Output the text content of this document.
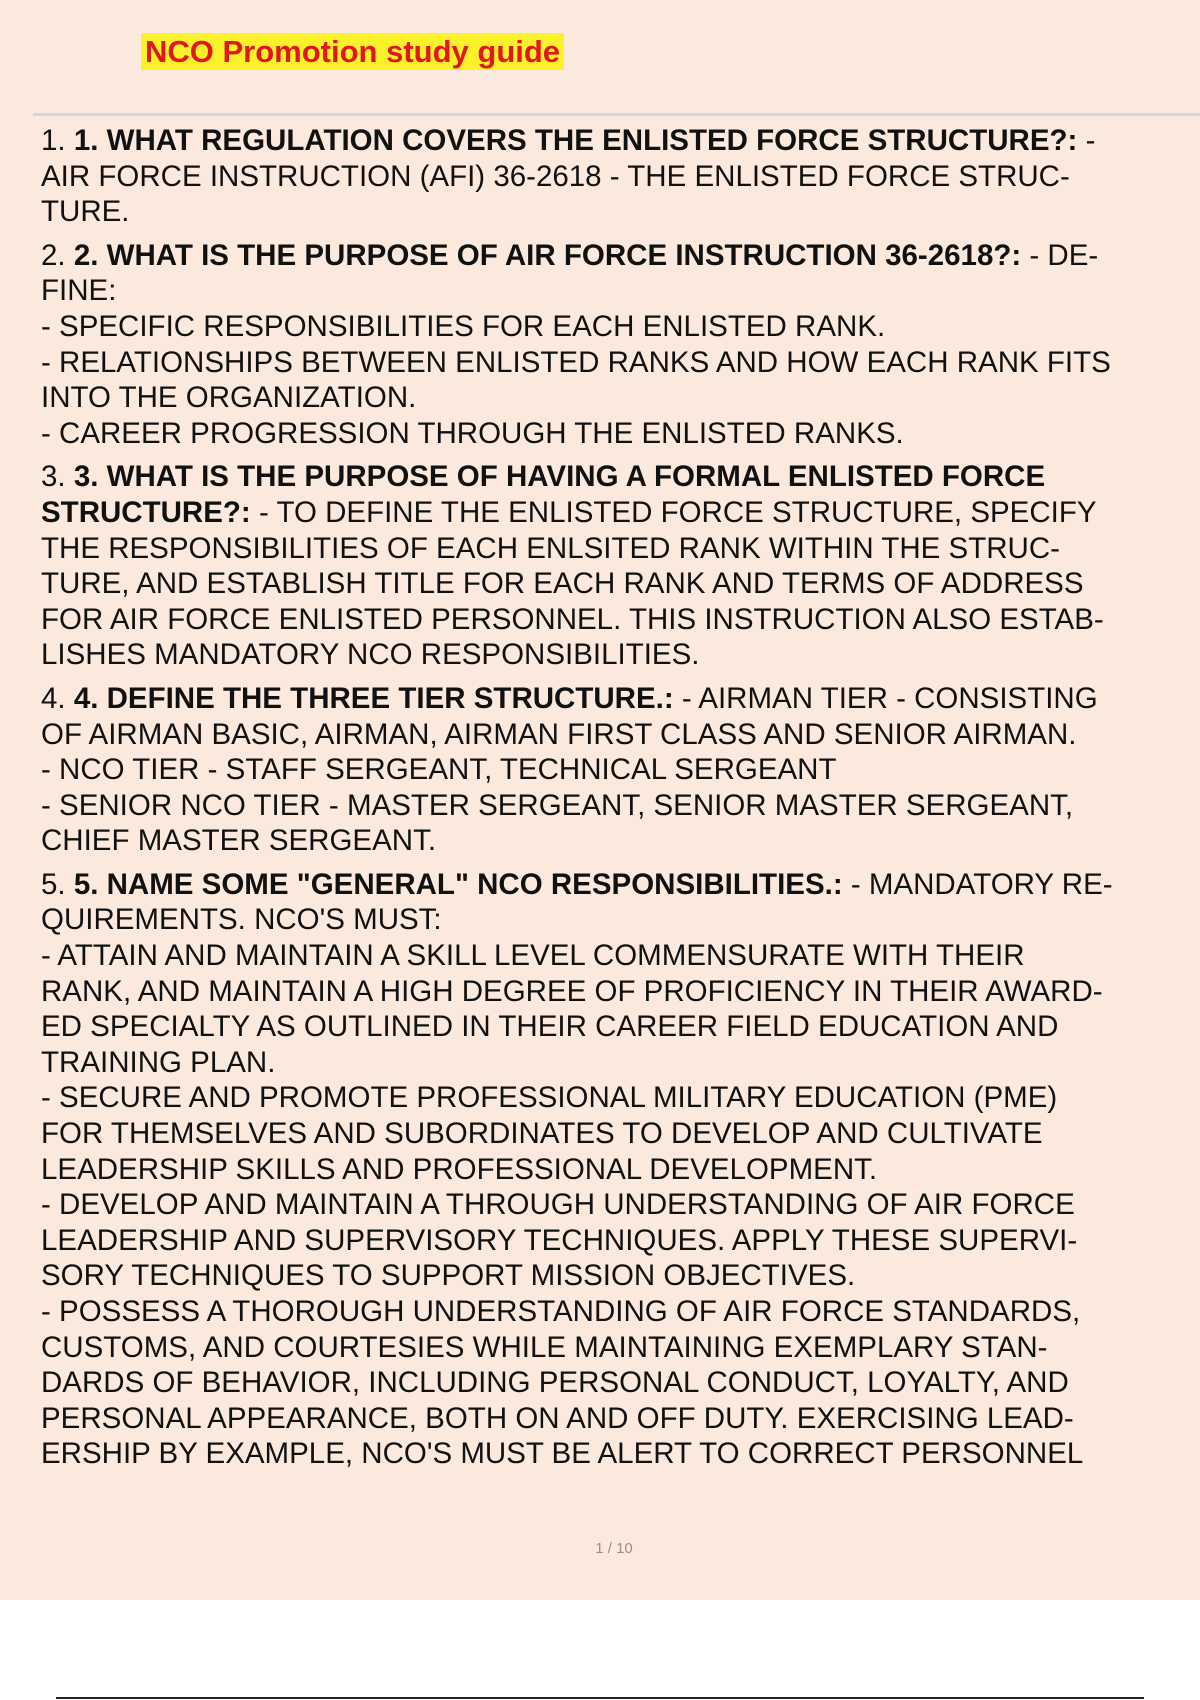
NCO Promotion study guide
1. 1. WHAT REGULATION COVERS THE ENLISTED FORCE STRUCTURE?: -
AIR FORCE INSTRUCTION (AFI) 36-2618 - THE ENLISTED FORCE STRUC-
TURE.
2. 2. WHAT IS THE PURPOSE OF AIR FORCE INSTRUCTION 36-2618?: - DE-
FINE:
- SPECIFIC RESPONSIBILITIES FOR EACH ENLISTED RANK.
- RELATIONSHIPS BETWEEN ENLISTED RANKS AND HOW EACH RANK FITS
INTO THE ORGANIZATION.
- CAREER PROGRESSION THROUGH THE ENLISTED RANKS.
3. 3. WHAT IS THE PURPOSE OF HAVING A FORMAL ENLISTED FORCE
STRUCTURE?: - TO DEFINE THE ENLISTED FORCE STRUCTURE, SPECIFY
THE RESPONSIBILITIES OF EACH ENLSITED RANK WITHIN THE STRUC-
TURE, AND ESTABLISH TITLE FOR EACH RANK AND TERMS OF ADDRESS
FOR AIR FORCE ENLISTED PERSONNEL. THIS INSTRUCTION ALSO ESTAB-
LISHES MANDATORY NCO RESPONSIBILITIES.
4. 4. DEFINE THE THREE TIER STRUCTURE.: - AIRMAN TIER - CONSISTING
OF AIRMAN BASIC, AIRMAN, AIRMAN FIRST CLASS AND SENIOR AIRMAN.
- NCO TIER - STAFF SERGEANT, TECHNICAL SERGEANT
- SENIOR NCO TIER - MASTER SERGEANT, SENIOR MASTER SERGEANT,
CHIEF MASTER SERGEANT.
5. 5. NAME SOME "GENERAL" NCO RESPONSIBILITIES.: - MANDATORY RE-
QUIREMENTS. NCO'S MUST:
- ATTAIN AND MAINTAIN A SKILL LEVEL COMMENSURATE WITH THEIR
RANK, AND MAINTAIN A HIGH DEGREE OF PROFICIENCY IN THEIR AWARD-
ED SPECIALTY AS OUTLINED IN THEIR CAREER FIELD EDUCATION AND
TRAINING PLAN.
- SECURE AND PROMOTE PROFESSIONAL MILITARY EDUCATION (PME)
FOR THEMSELVES AND SUBORDINATES TO DEVELOP AND CULTIVATE
LEADERSHIP SKILLS AND PROFESSIONAL DEVELOPMENT.
- DEVELOP AND MAINTAIN A THROUGH UNDERSTANDING OF AIR FORCE
LEADERSHIP AND SUPERVISORY TECHNIQUES. APPLY THESE SUPERVI-
SORY TECHNIQUES TO SUPPORT MISSION OBJECTIVES.
- POSSESS A THOROUGH UNDERSTANDING OF AIR FORCE STANDARDS,
CUSTOMS, AND COURTESIES WHILE MAINTAINING EXEMPLARY STAN-
DARDS OF BEHAVIOR, INCLUDING PERSONAL CONDUCT, LOYALTY, AND
PERSONAL APPEARANCE, BOTH ON AND OFF DUTY. EXERCISING LEAD-
ERSHIP BY EXAMPLE, NCO'S MUST BE ALERT TO CORRECT PERSONNEL
1 / 10
